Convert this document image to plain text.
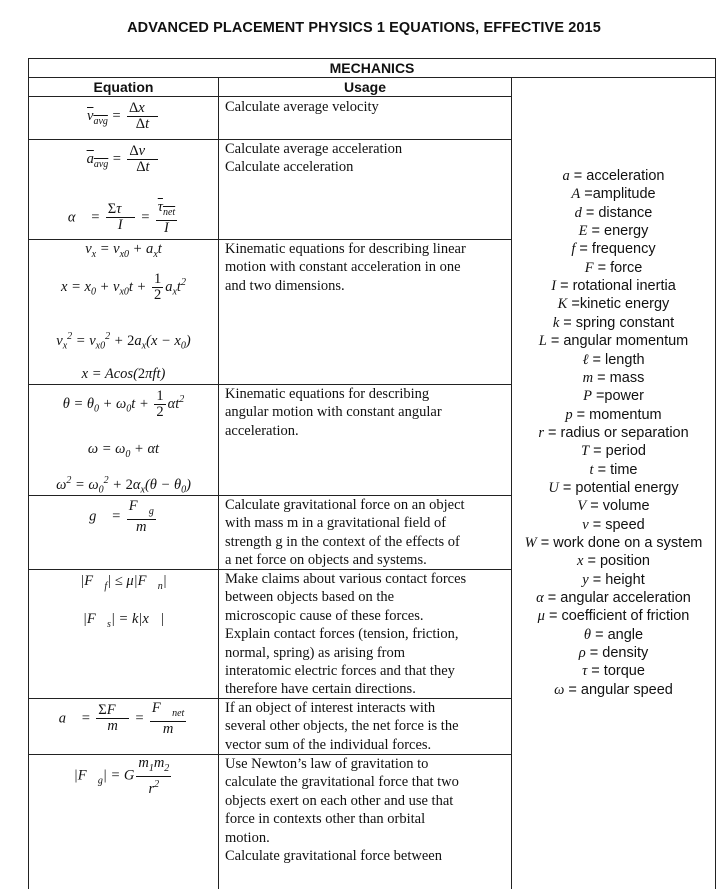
ADVANCED PLACEMENT PHYSICS 1 EQUATIONS, EFFECTIVE 2015
MECHANICS
Equation	Usage
$v_{avg} = \frac{\Delta x⃗}{\Delta t}$
$a_{avg} = \frac{\Delta v⃗}{\Delta t}$
α⃗ = $\frac{\Sigma\tau⃗}{I} = \frac{\tau_{net}}{I}$
$v_x = v_{x0} + a_xt$
$x = x_0 + v_{x0}t + \frac{1}{2} a_xt^2$
$v_x^2 = v_{x0}^2 + 2a_x(x - x_0)$
x = Acos(2πft)
$\theta = \theta_0 + \omega_0t + \frac{1}{2} \alpha t^2$
$\omega = \omega_0 + \alpha t$
$\omega^2 = \omega_0^2 + 2\alpha_x(\theta - \theta_0)$
g⃗ = $\frac{F⃗_g}{m}$
$|F⃗_f|$ ≤ $\mu|F⃗_n|$
$|F⃗_s|$ = k|x⃗|
a⃗ = $\frac{\Sigma F⃗}{m} = \frac{F⃗_{net}}{m}$
$|F⃗_g| = G \frac{m_1m_2}{r^2}$
Calculate average velocity
Calculate average acceleration
Calculate acceleration
Kinematic equations for describing linear
motion with constant acceleration in one
and two dimensions.
Kinematic equations for describing
angular motion with constant angular
acceleration.
Calculate gravitational force on an object
with mass m in a gravitational field of
strength g in the context of the effects of
a net force on objects and systems.
Make claims about various contact forces
between objects based on the
microscopic cause of these forces.
Explain contact forces (tension, friction,
normal, spring) as arising from
interatomic electric forces and that they
therefore have certain directions.
If an object of interest interacts with
several other objects, the net force is the
vector sum of the individual forces.
Use Newton’s law of gravitation to
calculate the gravitational force that two
objects exert on each other and use that
force in contexts other than orbital
motion.
Calculate gravitational force between
a = acceleration
A =amplitude
d = distance
E = energy
f = frequency
F = force
I = rotational inertia
K =kinetic energy
k = spring constant
L = angular momentum
ℓ = length
m = mass
P =power
p = momentum
r = radius or separation
T = period
t = time
U = potential energy
V = volume
v = speed
W = work done on a system
x = position
y = height
α = angular acceleration
μ = coefficient of friction
θ = angle
ρ = density
τ = torque
ω = angular speed
